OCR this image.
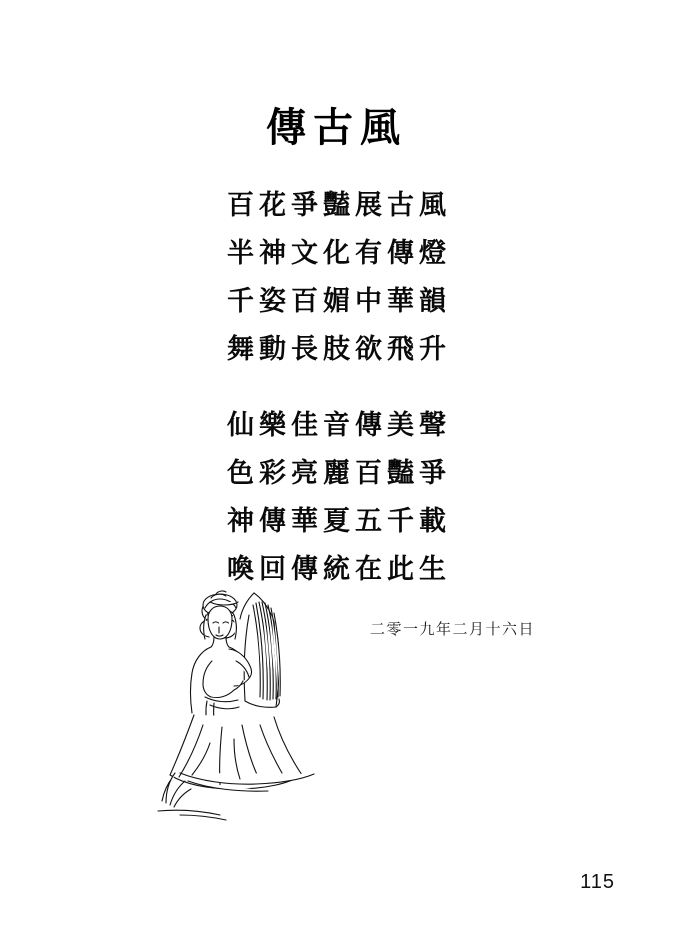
傳古風
百花爭豔展古風
半神文化有傳燈
千姿百媚中華韻
舞動長肢欲飛升
仙樂佳音傳美聲
色彩亮麗百豔爭
神傳華夏五千載
喚回傳統在此生
二零一九年二月十六日
115
